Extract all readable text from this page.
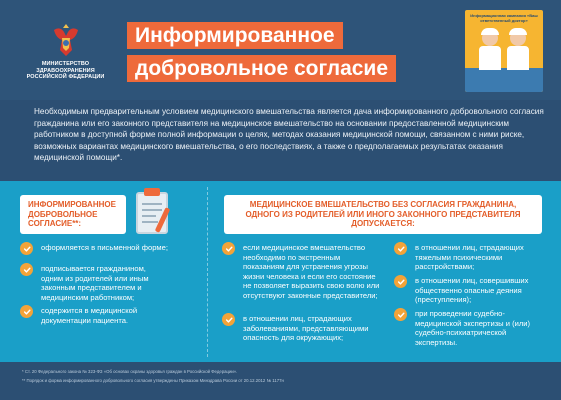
МИНИСТЕРСТВО
ЗДРАВООХРАНЕНИЯ
РОССИЙСКОЙ ФЕДЕРАЦИИ
Информированное
добровольное согласие
Информационная кампания «Ваш ответственный доктор»
Необходимым предварительным условием медицинского вмешательства является дача информированного добровольного согласия гражданина или его законного представителя на медицинское вмешательство на основании предоставленной медицинским работником в доступной форме полной информации о целях, методах оказания медицинской помощи, связанном с ними риске, возможных вариантах медицинского вмешательства, о его последствиях, а также о предполагаемых результатах оказания медицинской помощи*.
ИНФОРМИРОВАННОЕ ДОБРОВОЛЬНОЕ СОГЛАСИЕ**:
оформляется в письменной форме;
подписывается гражданином, одним из родителей или иным законным представителем и медицинским работником;
содержится в медицинской документации пациента.
МЕДИЦИНСКОЕ ВМЕШАТЕЛЬСТВО БЕЗ СОГЛАСИЯ ГРАЖДАНИНА, ОДНОГО ИЗ РОДИТЕЛЕЙ ИЛИ ИНОГО ЗАКОННОГО ПРЕДСТАВИТЕЛЯ ДОПУСКАЕТСЯ:
если медицинское вмешательство необходимо по экстренным показаниям для устранения угрозы жизни человека и если его состояние не позволяет выразить свою волю или отсутствуют законные представители;
в отношении лиц, страдающих заболеваниями, представляющими опасность для окружающих;
в отношении лиц, страдающих тяжелыми психическими расстройствами;
в отношении лиц, совершивших общественно опасные деяния (преступления);
при проведении судебно-медицинской экспертизы и (или) судебно-психиатрической экспертизы.
* Ст. 20 Федерального закона № 323-ФЗ «Об основах охраны здоровья граждан в Российской Федерации».
** Порядок и форма информированного добровольного согласия утверждены Приказом Минздрава России от 20.12.2012 № 1177н
